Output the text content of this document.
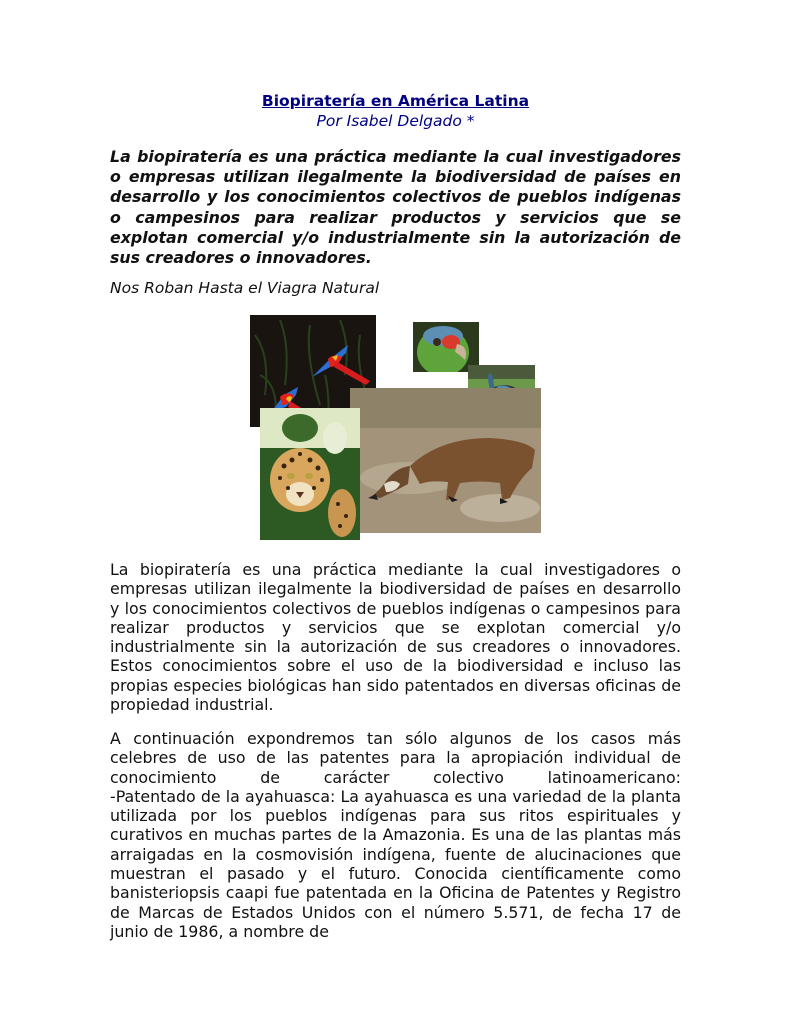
Biopiratería en América Latina
Por Isabel Delgado *

La biopiratería es una práctica mediante la cual investigadores o empresas utilizan ilegalmente la biodiversidad de países en desarrollo y los conocimientos colectivos de pueblos indígenas o campesinos para realizar productos y servicios que se explotan comercial y/o industrialmente sin la autorización de sus creadores o innovadores.

Nos Roban Hasta el Viagra Natural

La biopiratería es una práctica mediante la cual investigadores o empresas utilizan ilegalmente la biodiversidad de países en desarrollo y los conocimientos colectivos de pueblos indígenas o campesinos para realizar productos y servicios que se explotan comercial y/o industrialmente sin la autorización de sus creadores o innovadores. Estos conocimientos sobre el uso de la biodiversidad e incluso las propias especies biológicas han sido patentados en diversas oficinas de propiedad industrial.

A continuación expondremos tan sólo algunos de los casos más celebres de uso de las patentes para la apropiación individual de conocimiento de carácter colectivo latinoamericano:
-Patentado de la ayahuasca: La ayahuasca es una variedad de la planta utilizada por los pueblos indígenas para sus ritos espirituales y curativos en muchas partes de la Amazonia. Es una de las plantas más arraigadas en la cosmovisión indígena, fuente de alucinaciones que muestran el pasado y el futuro. Conocida científicamente como banisteriopsis caapi fue patentada en la Oficina de Patentes y Registro de Marcas de Estados Unidos con el número 5.571, de fecha 17 de junio de 1986, a nombre de
